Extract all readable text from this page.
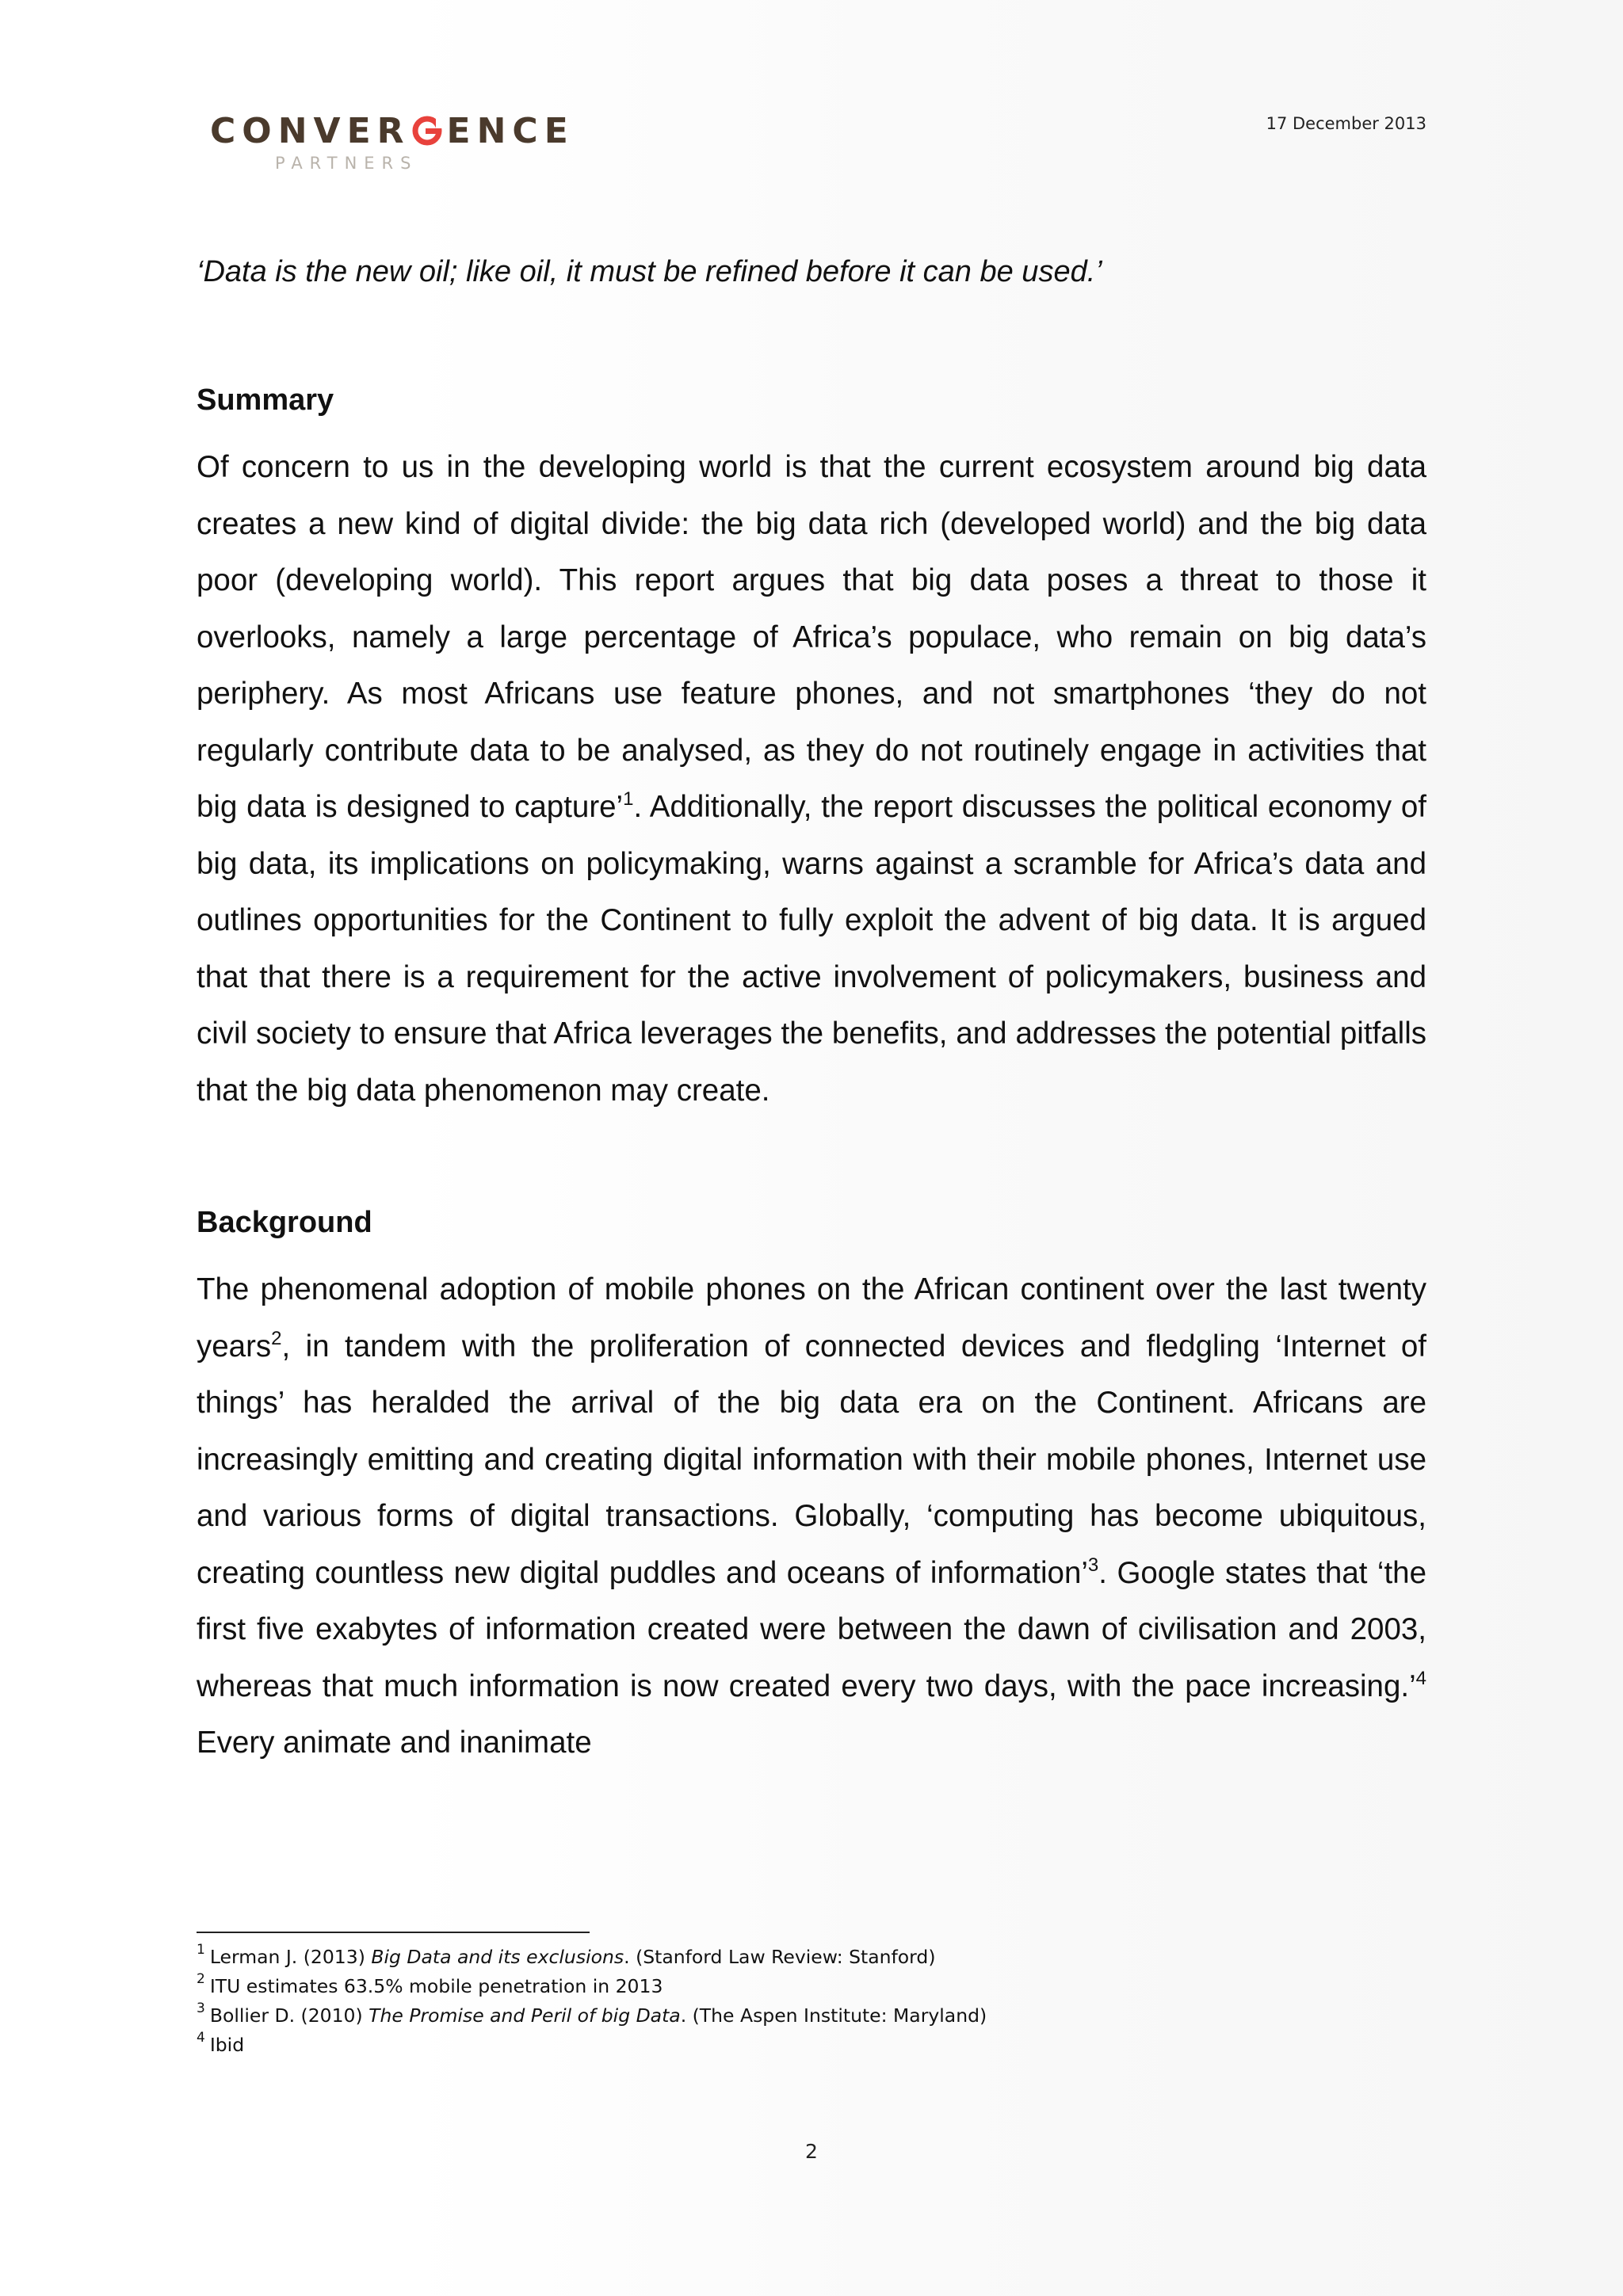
CONVER ENCE
PARTNERS
17 December 2013

‘Data is the new oil; like oil, it must be refined before it can be used.’

Summary

Of concern to us in the developing world is that the current ecosystem around big data creates a new kind of digital divide: the big data rich (developed world) and the big data poor (developing world). This report argues that big data poses a threat to those it overlooks, namely a large percentage of Africa’s populace, who remain on big data’s periphery. As most Africans use feature phones, and not smartphones ‘they do not regularly contribute data to be analysed, as they do not routinely engage in activities that big data is designed to capture’$^1$. Additionally, the report discusses the political economy of big data, its implications on policymaking, warns against a scramble for Africa’s data and outlines opportunities for the Continent to fully exploit the advent of big data. It is argued that that there is a requirement for the active involvement of policymakers, business and civil society to ensure that Africa leverages the benefits, and addresses the potential pitfalls that the big data phenomenon may create.

Background

The phenomenal adoption of mobile phones on the African continent over the last twenty years$^2$, in tandem with the proliferation of connected devices and fledgling ‘Internet of things’ has heralded the arrival of the big data era on the Continent. Africans are increasingly emitting and creating digital information with their mobile phones, Internet use and various forms of digital transactions. Globally, ‘computing has become ubiquitous, creating countless new digital puddles and oceans of information’$^3$. Google states that ‘the first five exabytes of information created were between the dawn of civilisation and 2003, whereas that much information is now created every two days, with the pace increasing.’$^4$ Every animate and inanimate

$^1$ Lerman J. (2013) Big Data and its exclusions. (Stanford Law Review: Stanford)
$^2$ ITU estimates 63.5% mobile penetration in 2013
$^3$ Bollier D. (2010) The Promise and Peril of big Data. (The Aspen Institute: Maryland)
$^4$ Ibid
2
